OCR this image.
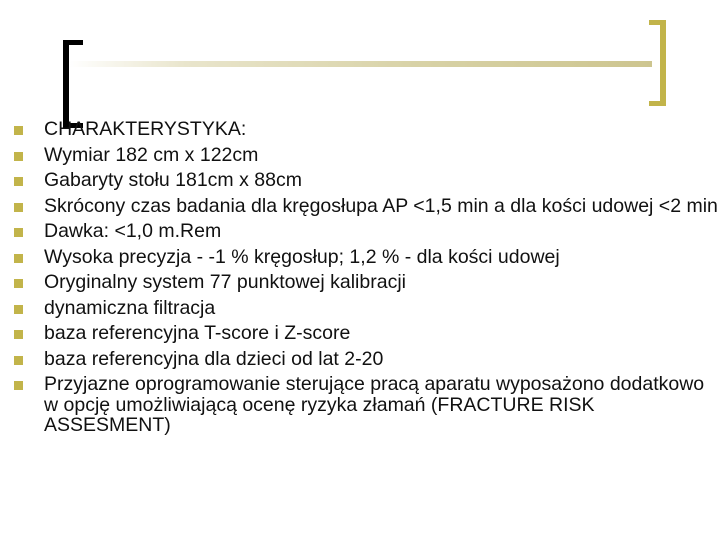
CHARAKTERYSTYKA:
Wymiar 182 cm x 122cm
Gabaryty stołu 181cm x 88cm
Skrócony czas badania dla kręgosłupa AP <1,5 min a dla kości udowej <2 min
Dawka: <1,0 m.Rem
Wysoka precyzja - -1 % kręgosłup; 1,2 % - dla kości udowej
Oryginalny system 77 punktowej kalibracji
dynamiczna filtracja
baza referencyjna T-score i Z-score
baza referencyjna dla dzieci od lat 2-20
Przyjazne oprogramowanie sterujące pracą aparatu wyposażono dodatkowo w opcję umożliwiającą ocenę ryzyka złamań (FRACTURE RISK ASSESMENT)
